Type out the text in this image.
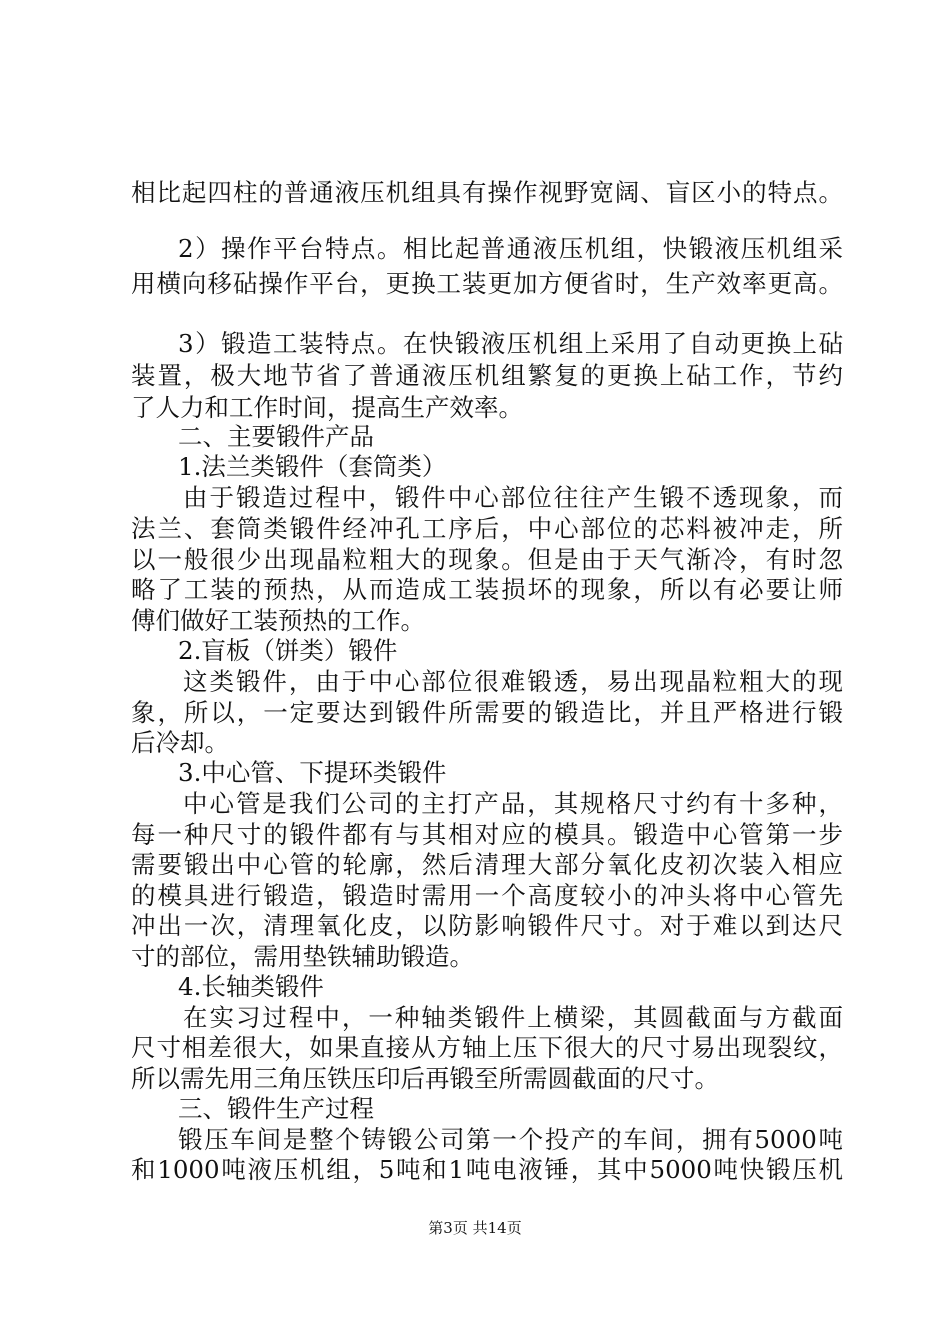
相比起四柱的普通液压机组具有操作视野宽阔、盲区小的特点。
2）操作平台特点。相比起普通液压机组，快锻液压机组采
用横向移砧操作平台，更换工装更加方便省时，生产效率更高。
3）锻造工装特点。在快锻液压机组上采用了自动更换上砧
装置，极大地节省了普通液压机组繁复的更换上砧工作，节约
了人力和工作时间，提高生产效率。
二、主要锻件产品
1.法兰类锻件（套筒类）
由于锻造过程中，锻件中心部位往往产生锻不透现象，而
法兰、套筒类锻件经冲孔工序后，中心部位的芯料被冲走，所
以一般很少出现晶粒粗大的现象。但是由于天气渐冷，有时忽
略了工装的预热，从而造成工装损坏的现象，所以有必要让师
傅们做好工装预热的工作。
2.盲板（饼类）锻件
这类锻件，由于中心部位很难锻透，易出现晶粒粗大的现
象，所以，一定要达到锻件所需要的锻造比，并且严格进行锻
后冷却。
3.中心管、下提环类锻件
中心管是我们公司的主打产品，其规格尺寸约有十多种，
每一种尺寸的锻件都有与其相对应的模具。锻造中心管第一步
需要锻出中心管的轮廓，然后清理大部分氧化皮初次装入相应
的模具进行锻造，锻造时需用一个高度较小的冲头将中心管先
冲出一次，清理氧化皮，以防影响锻件尺寸。对于难以到达尺
寸的部位，需用垫铁辅助锻造。
4.长轴类锻件
在实习过程中，一种轴类锻件上横梁，其圆截面与方截面
尺寸相差很大，如果直接从方轴上压下很大的尺寸易出现裂纹，
所以需先用三角压铁压印后再锻至所需圆截面的尺寸。
三、锻件生产过程
锻压车间是整个铸锻公司第一个投产的车间，拥有5000吨
和1000吨液压机组，5吨和1吨电液锤，其中5000吨快锻压机
第3页 共14页
